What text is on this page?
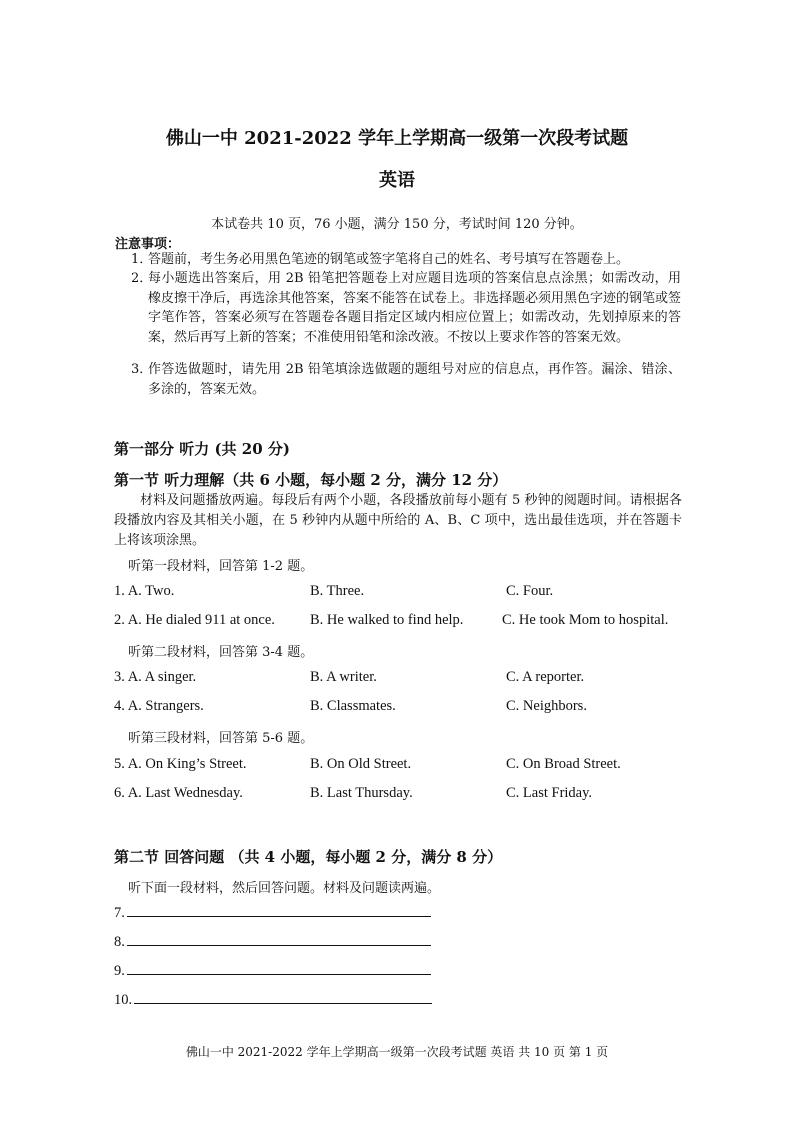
佛山一中 2021-2022 学年上学期高一级第一次段考试题
英语
本试卷共 10 页，76 小题，满分 150 分，考试时间 120 分钟。
注意事项：
1．
答题前，考生务必用黑色笔迹的钢笔或签字笔将自己的姓名、考号填写在答题卷上。
2．
每小题选出答案后，用 2B 铅笔把答题卷上对应题目选项的答案信息点涂黑；如需改动，用橡皮擦干净后，再选涂其他答案，答案不能答在试卷上。非选择题必须用黑色字迹的钢笔或签字笔作答，答案必须写在答题卷各题目指定区域内相应位置上；如需改动，先划掉原来的答案，然后再写上新的答案；不准使用铅笔和涂改液。不按以上要求作答的答案无效。
3．
作答选做题时，请先用 2B 铅笔填涂选做题的题组号对应的信息点，再作答。漏涂、错涂、多涂的，答案无效。
第一部分 听力 (共 20 分)
第一节 听力理解（共 6 小题，每小题 2 分，满分 12 分）
材料及问题播放两遍。每段后有两个小题，各段播放前每小题有 5 秒钟的阅题时间。请根据各段播放内容及其相关小题，在 5 秒钟内从题中所给的 A、B、C 项中，选出最佳选项，并在答题卡上将该项涂黑。
听第一段材料，回答第 1-2 题。
1. A. Two.	B. Three.	C. Four.
2. A. He dialed 911 at once. B. He walked to find help.	C. He took Mom to hospital.
听第二段材料，回答第 3-4 题。
3. A. A singer.	B. A writer.	C. A reporter.
4. A. Strangers.	B. Classmates.	C. Neighbors.
听第三段材料，回答第 5-6 题。
5. A. On King’s Street.	B. On Old Street.	C. On Broad Street.
6. A. Last Wednesday.	B. Last Thursday.	C. Last Friday.
第二节 回答问题 （共 4 小题，每小题 2 分，满分 8 分）
听下面一段材料，然后回答问题。材料及问题读两遍。
7.
8.
9.
10.
佛山一中 2021-2022 学年上学期高一级第一次段考试题 英语 共 10 页 第 1 页
